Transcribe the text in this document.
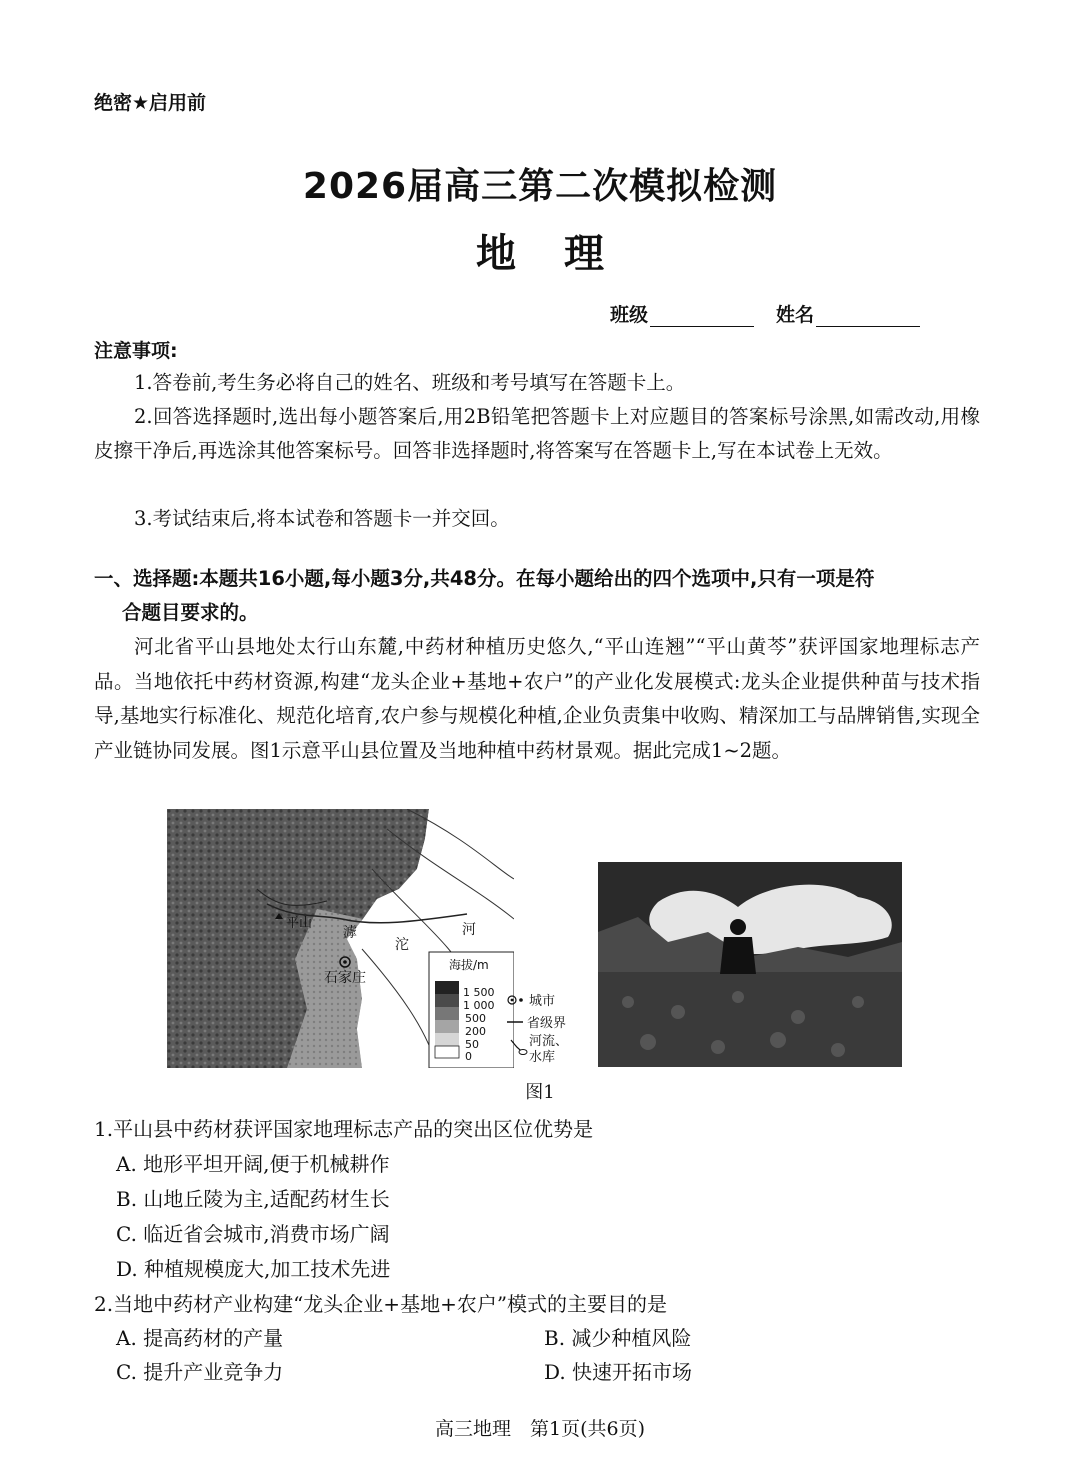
绝密★启用前
2026届高三第二次模拟检测
地理
班级	姓名
注意事项:

1.答卷前,考生务必将自己的姓名、班级和考号填写在答题卡上。

2.回答选择题时,选出每小题答案后,用2B铅笔把答题卡上对应题目的答案标号涂黑,如需改动,用橡皮擦干净后,再选涂其他答案标号。回答非选择题时,将答案写在答题卡上,写在本试卷上无效。

3.考试结束后,将本试卷和答题卡一并交回。

一、选择题:本题共16小题,每小题3分,共48分。在每小题给出的四个选项中,只有一项是符
合题目要求的。

河北省平山县地处太行山东麓,中药材种植历史悠久,“平山连翘”“平山黄芩”获评国家地理标志产品。当地依托中药材资源,构建“龙头企业+基地+农户”的产业化发展模式:龙头企业提供种苗与技术指导,基地实行标准化、规范化培育,农户参与规模化种植,企业负责集中收购、精深加工与品牌销售,实现全产业链协同发展。图1示意平山县位置及当地种植中药材景观。据此完成1~2题。

平山
滹
沱
河
石家庄
海拔/m
1 500
1 000
500
200
50
0
城市
省级界
河流、
水库
图1
1.平山县中药材获评国家地理标志产品的突出区位优势是
A. 地形平坦开阔,便于机械耕作
B. 山地丘陵为主,适配药材生长
C. 临近省会城市,消费市场广阔
D. 种植规模庞大,加工技术先进
2.当地中药材产业构建“龙头企业+基地+农户”模式的主要目的是
A. 提高药材的产量	B. 减少种植风险
C. 提升产业竞争力	D. 快速开拓市场
高三地理　第1页(共6页)
